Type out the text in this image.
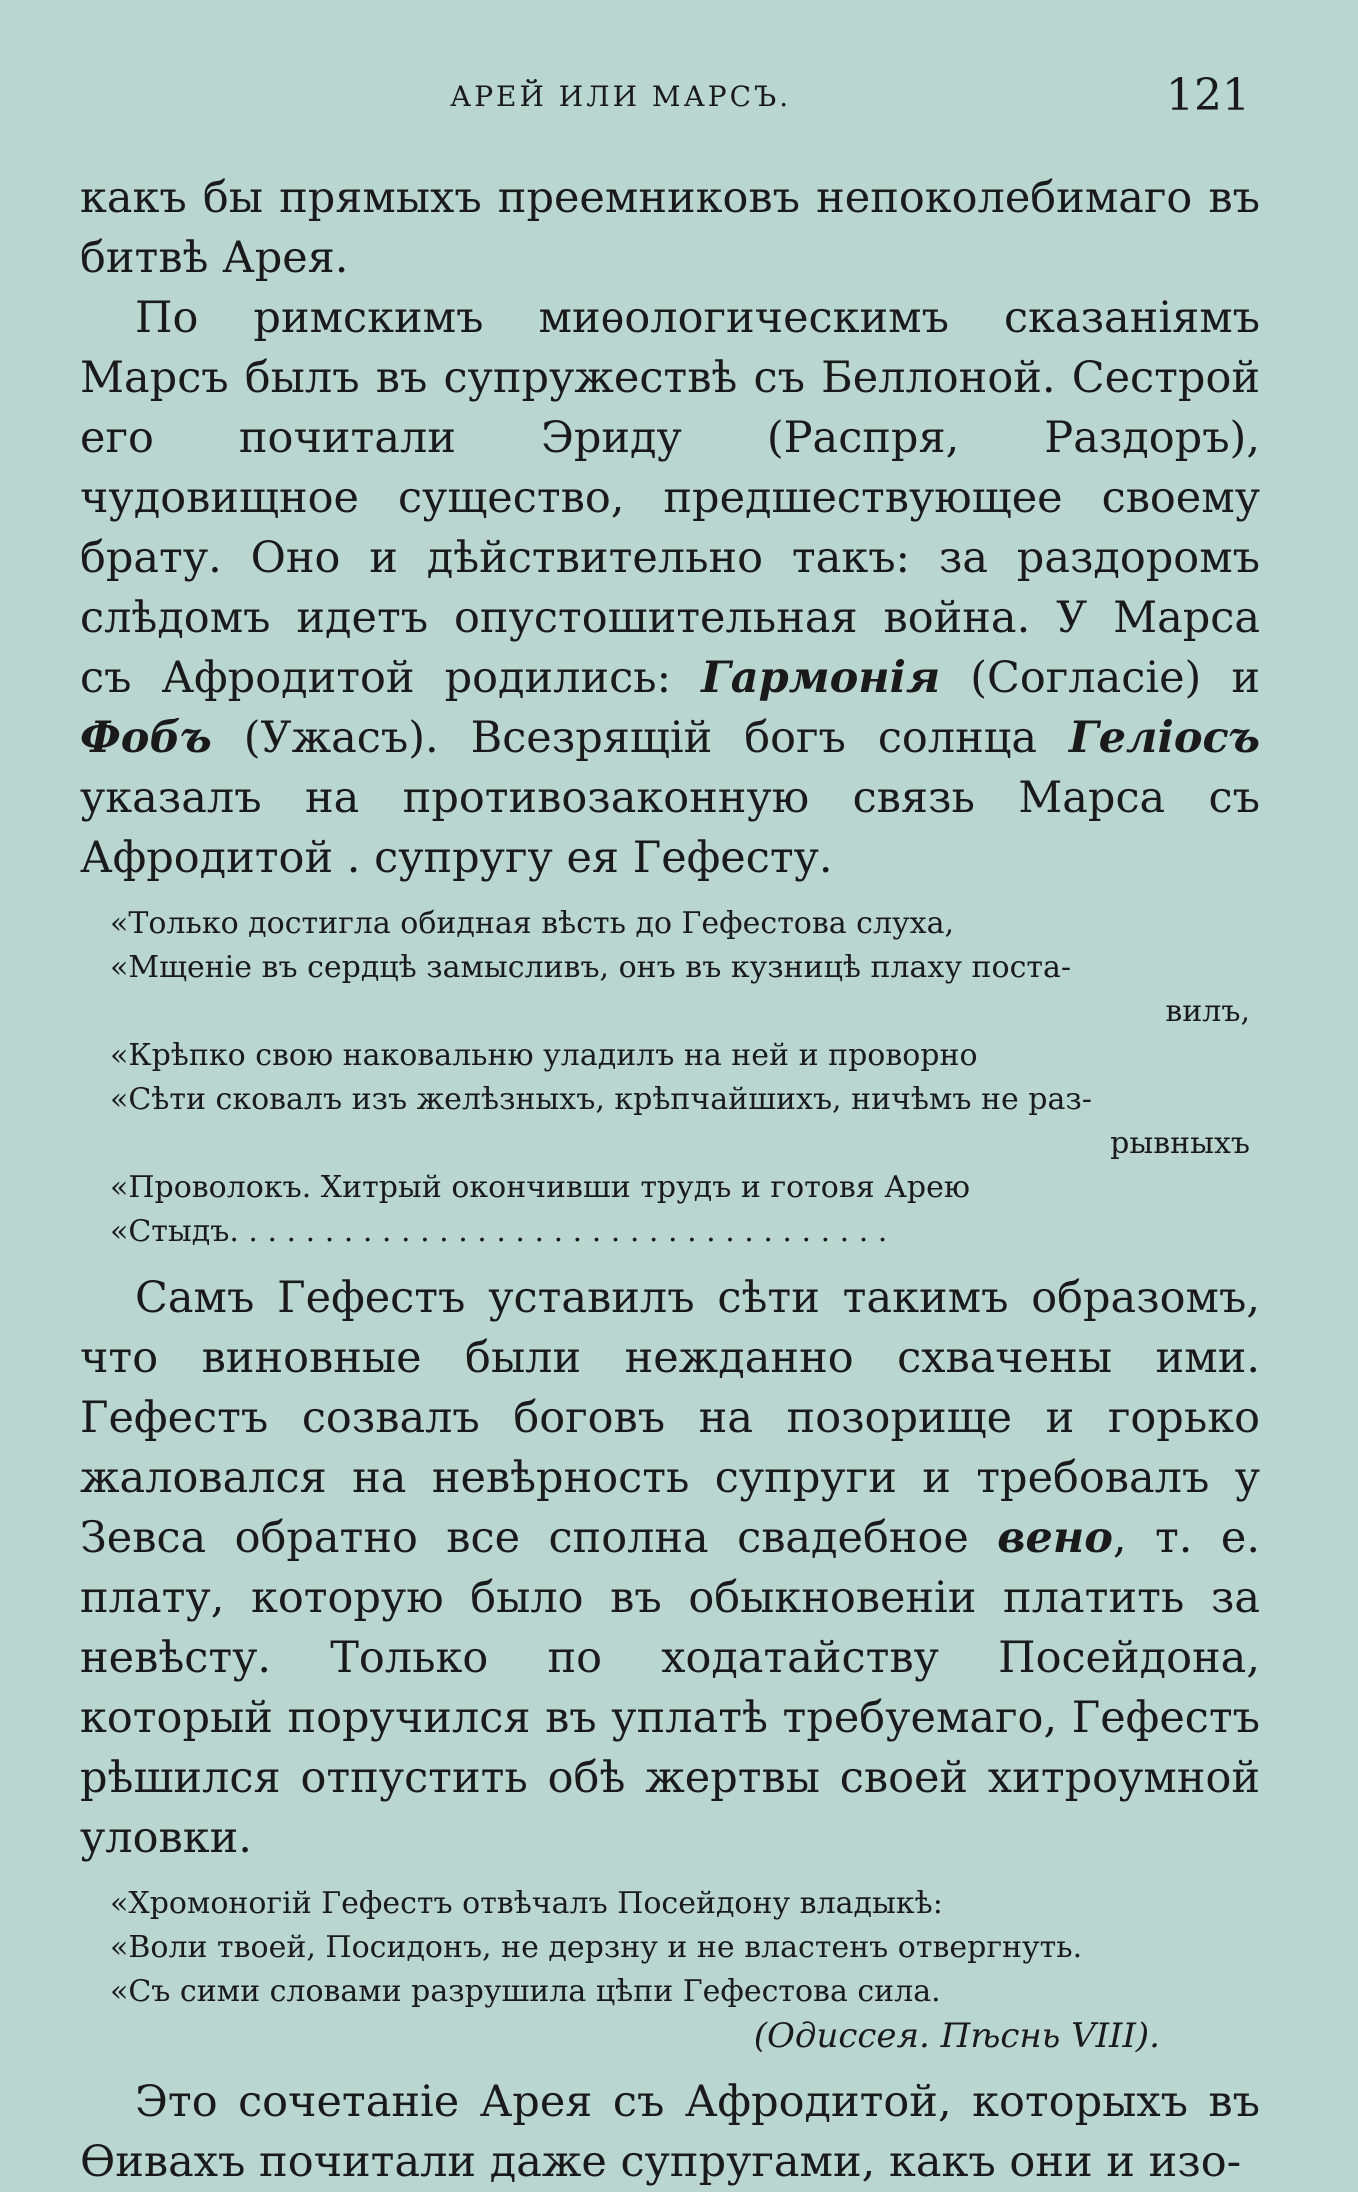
АРЕЙ ИЛИ МАРСЪ.	121

какъ бы прямыхъ преемниковъ непоколебимаго въ битвѣ Арея.

По римскимъ миѳологическимъ сказаніямъ Марсъ былъ въ супружествѣ съ Беллоной. Сестрой его почитали Эриду (Распря, Раздоръ), чудовищное существо, предшествующее своему брату. Оно и дѣйствительно такъ: за раздоромъ слѣдомъ идетъ опустошительная война. У Марса съ Афродитой родились: Гармонія (Согласіе) и Фобъ (Ужасъ). Всезрящій богъ солнца Геліосъ указалъ на противозаконную связь Марса съ Афродитой . супругу ея Гефесту.

«Только достигла обидная вѣсть до Гефестова слуха,
«Мщеніе въ сердцѣ замысливъ, онъ въ кузницѣ плаху поста-
вилъ,
«Крѣпко свою наковальню уладилъ на ней и проворно
«Сѣти сковалъ изъ желѣзныхъ, крѣпчайшихъ, ничѣмъ не раз-
рывныхъ
«Проволокъ. Хитрый окончивши трудъ и готовя Арею
«Стыдъ. . . . . . . . . . . . . . . . . . . . . . . . . . . . . . . . . . .

Самъ Гефестъ уставилъ сѣти такимъ образомъ, что виновные были нежданно схвачены ими. Гефестъ созвалъ боговъ на позорище и горько жаловался на невѣрность супруги и требовалъ у Зевса обратно все сполна свадебное вено, т. е. плату, которую было въ обыкновеніи платить за невѣсту. Только по ходатайству Посейдона, который поручился въ уплатѣ требуемаго, Гефестъ рѣшился отпустить обѣ жертвы своей хитроумной уловки.

«Хромоногій Гефестъ отвѣчалъ Посейдону владыкѣ:
«Воли твоей, Посидонъ, не дерзну и не властенъ отвергнуть.
«Съ сими словами разрушила цѣпи Гефестова сила.
(Одиссея. Пѣснь VIII).

Это сочетаніе Арея съ Афродитой, которыхъ въ Ѳивахъ почитали даже супругами, какъ они и изо-
